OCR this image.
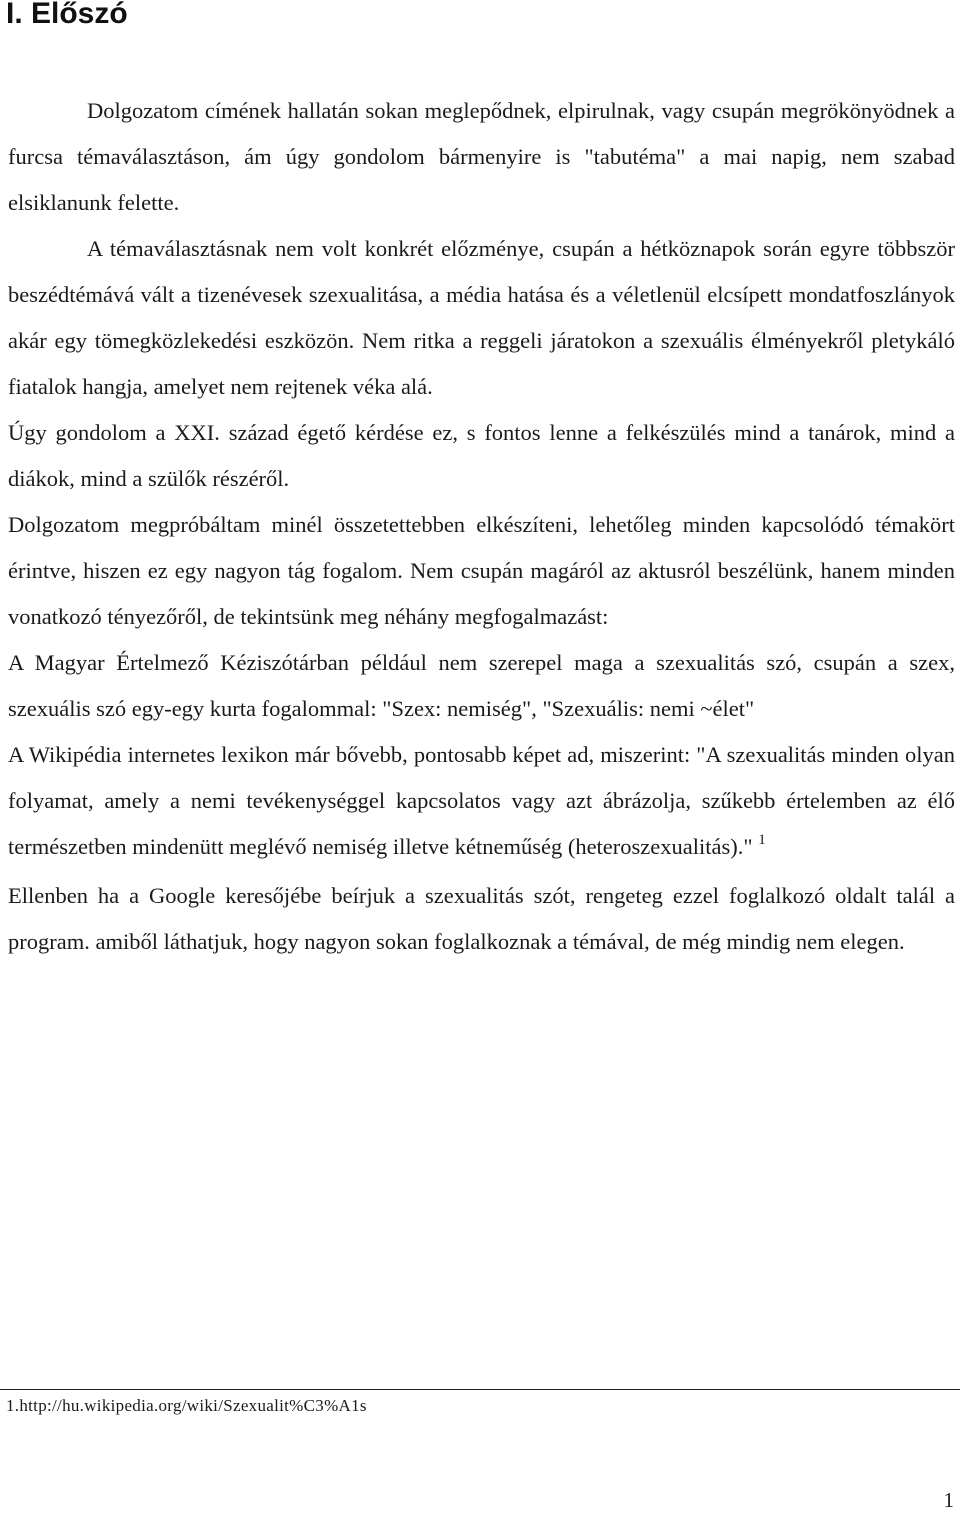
I. Előszó

Dolgozatom címének hallatán sokan meglepődnek, elpirulnak, vagy csupán megrökönyödnek a furcsa témaválasztáson, ám úgy gondolom bármenyire is "tabutéma" a mai napig, nem szabad elsiklanunk felette.

A témaválasztásnak nem volt konkrét előzménye, csupán a hétköznapok során egyre többször beszédtémává vált a tizenévesek szexualitása, a média hatása és a véletlenül elcsípett mondatfoszlányok akár egy tömegközlekedési eszközön. Nem ritka a reggeli járatokon a szexuális élményekről pletykáló fiatalok hangja, amelyet nem rejtenek véka alá.

Úgy gondolom a XXI. század égető kérdése ez, s fontos lenne a felkészülés mind a tanárok, mind a diákok, mind a szülők részéről.

Dolgozatom megpróbáltam minél összetettebben elkészíteni, lehetőleg minden kapcsolódó témakört érintve, hiszen ez egy nagyon tág fogalom. Nem csupán magáról az aktusról beszélünk, hanem minden vonatkozó tényezőről, de tekintsünk meg néhány megfogalmazást:

A Magyar Értelmező Kéziszótárban például nem szerepel maga a szexualitás szó, csupán a szex, szexuális szó egy-egy kurta fogalommal: "Szex: nemiség", "Szexuális: nemi ~élet"

A Wikipédia internetes lexikon már bővebb, pontosabb képet ad, miszerint: "A szexualitás minden olyan folyamat, amely a nemi tevékenységgel kapcsolatos vagy azt ábrázolja, szűkebb értelemben az élő természetben mindenütt meglévő nemiség illetve kétneműség (heteroszexualitás)." $^1$

Ellenben ha a Google keresőjébe beírjuk a szexualitás szót, rengeteg ezzel foglalkozó oldalt talál a program. amiből láthatjuk, hogy nagyon sokan foglalkoznak a témával, de még mindig nem elegen.

1.http://hu.wikipedia.org/wiki/Szexualit%C3%A1s
1
